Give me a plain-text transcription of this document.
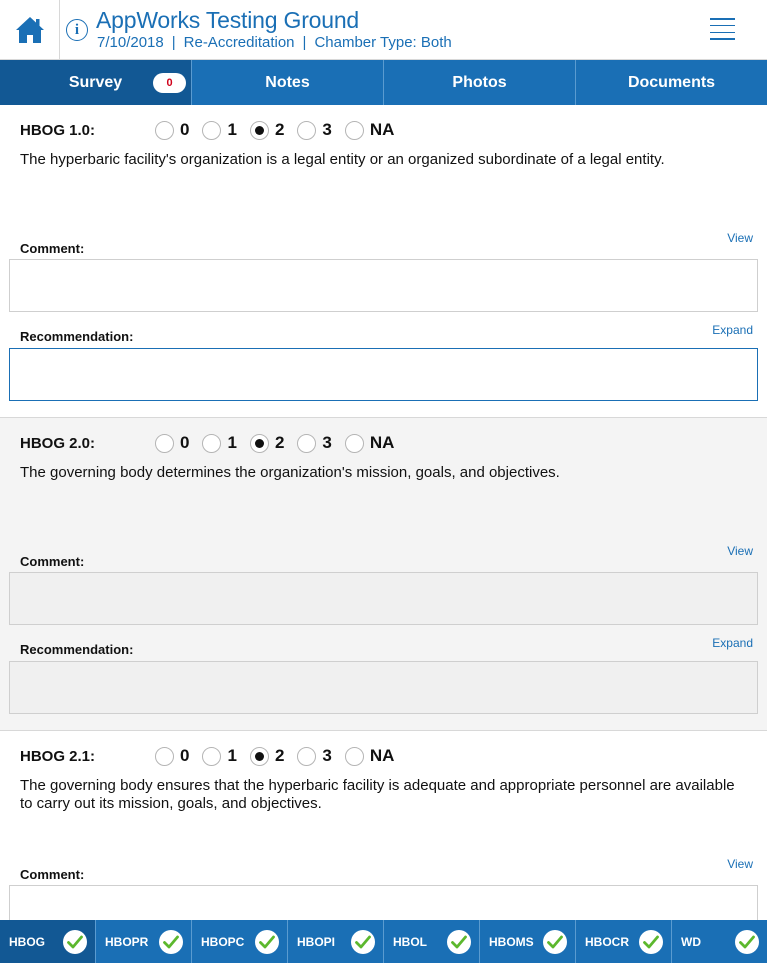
i AppWorks Testing Ground
7/10/2018 | Re-Accreditation | Chamber Type: Both
Survey	0	Notes	Photos	Documents
HBOG 1.0:	0 1 2 3 NA
The hyperbaric facility's organization is a legal entity or an organized subordinate of a legal entity.
View
Comment:
Expand
Recommendation:
HBOG 2.0:	0 1 2 3 NA
The governing body determines the organization's mission, goals, and objectives.
View
Comment:
Expand
Recommendation:
HBOG 2.1:	0 1 2 3 NA
The governing body ensures that the hyperbaric facility is adequate and appropriate personnel are available to carry out its mission, goals, and objectives.
View
Comment:
HBOG	HBOPR	HBOPC	HBOPI	HBOL	HBOMS	HBOCR	WD
